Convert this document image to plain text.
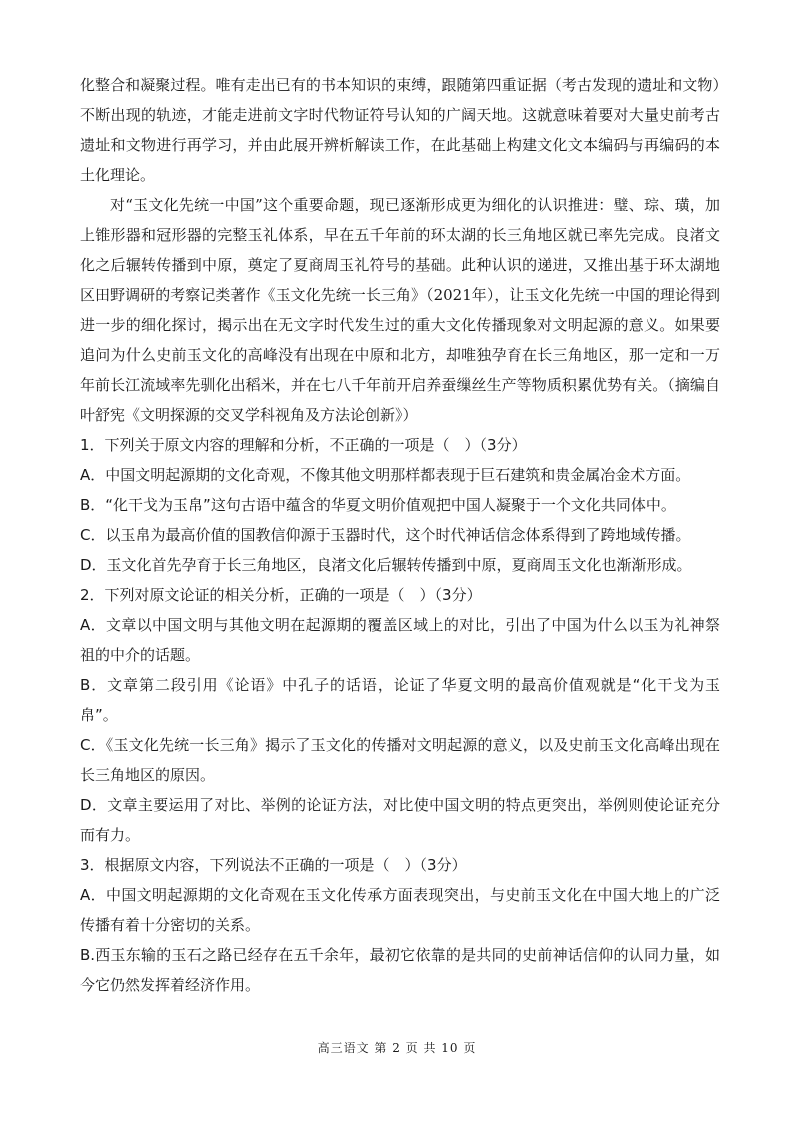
化整合和凝聚过程。唯有走出已有的书本知识的束缚，跟随第四重证据（考古发现的遗址和文物）不断出现的轨迹，才能走进前文字时代物证符号认知的广阔天地。这就意味着要对大量史前考古遗址和文物进行再学习，并由此展开辨析解读工作，在此基础上构建文化文本编码与再编码的本土化理论。

对“玉文化先统一中国”这个重要命题，现已逐渐形成更为细化的认识推进：璧、琮、璜，加上锥形器和冠形器的完整玉礼体系，早在五千年前的环太湖的长三角地区就已率先完成。良渚文化之后辗转传播到中原，奠定了夏商周玉礼符号的基础。此种认识的递进，又推出基于环太湖地区田野调研的考察记类著作《玉文化先统一长三角》（2021年），让玉文化先统一中国的理论得到进一步的细化探讨，揭示出在无文字时代发生过的重大文化传播现象对文明起源的意义。如果要追问为什么史前玉文化的高峰没有出现在中原和北方，却唯独孕育在长三角地区，那一定和一万年前长江流域率先驯化出稻米，并在七八千年前开启养蚕缫丝生产等物质积累优势有关。（摘编自叶舒宪《文明探源的交叉学科视角及方法论创新》）

1．下列关于原文内容的理解和分析，不正确的一项是（　）（3分）

A．中国文明起源期的文化奇观，不像其他文明那样都表现于巨石建筑和贵金属冶金术方面。

B．“化干戈为玉帛”这句古语中蕴含的华夏文明价值观把中国人凝聚于一个文化共同体中。

C．以玉帛为最高价值的国教信仰源于玉器时代，这个时代神话信念体系得到了跨地域传播。

D．玉文化首先孕育于长三角地区，良渚文化后辗转传播到中原，夏商周玉文化也渐渐形成。

2．下列对原文论证的相关分析，正确的一项是（　）（3分）

A．文章以中国文明与其他文明在起源期的覆盖区域上的对比，引出了中国为什么以玉为礼神祭祖的中介的话题。

B．文章第二段引用《论语》中孔子的话语，论证了华夏文明的最高价值观就是“化干戈为玉帛”。

C．《玉文化先统一长三角》揭示了玉文化的传播对文明起源的意义，以及史前玉文化高峰出现在长三角地区的原因。

D．文章主要运用了对比、举例的论证方法，对比使中国文明的特点更突出，举例则使论证充分而有力。

3．根据原文内容，下列说法不正确的一项是（　）（3分）

A．中国文明起源期的文化奇观在玉文化传承方面表现突出，与史前玉文化在中国大地上的广泛传播有着十分密切的关系。

B.西玉东输的玉石之路已经存在五千余年，最初它依靠的是共同的史前神话信仰的认同力量，如今它仍然发挥着经济作用。

高三语文 第 2 页 共 10 页
